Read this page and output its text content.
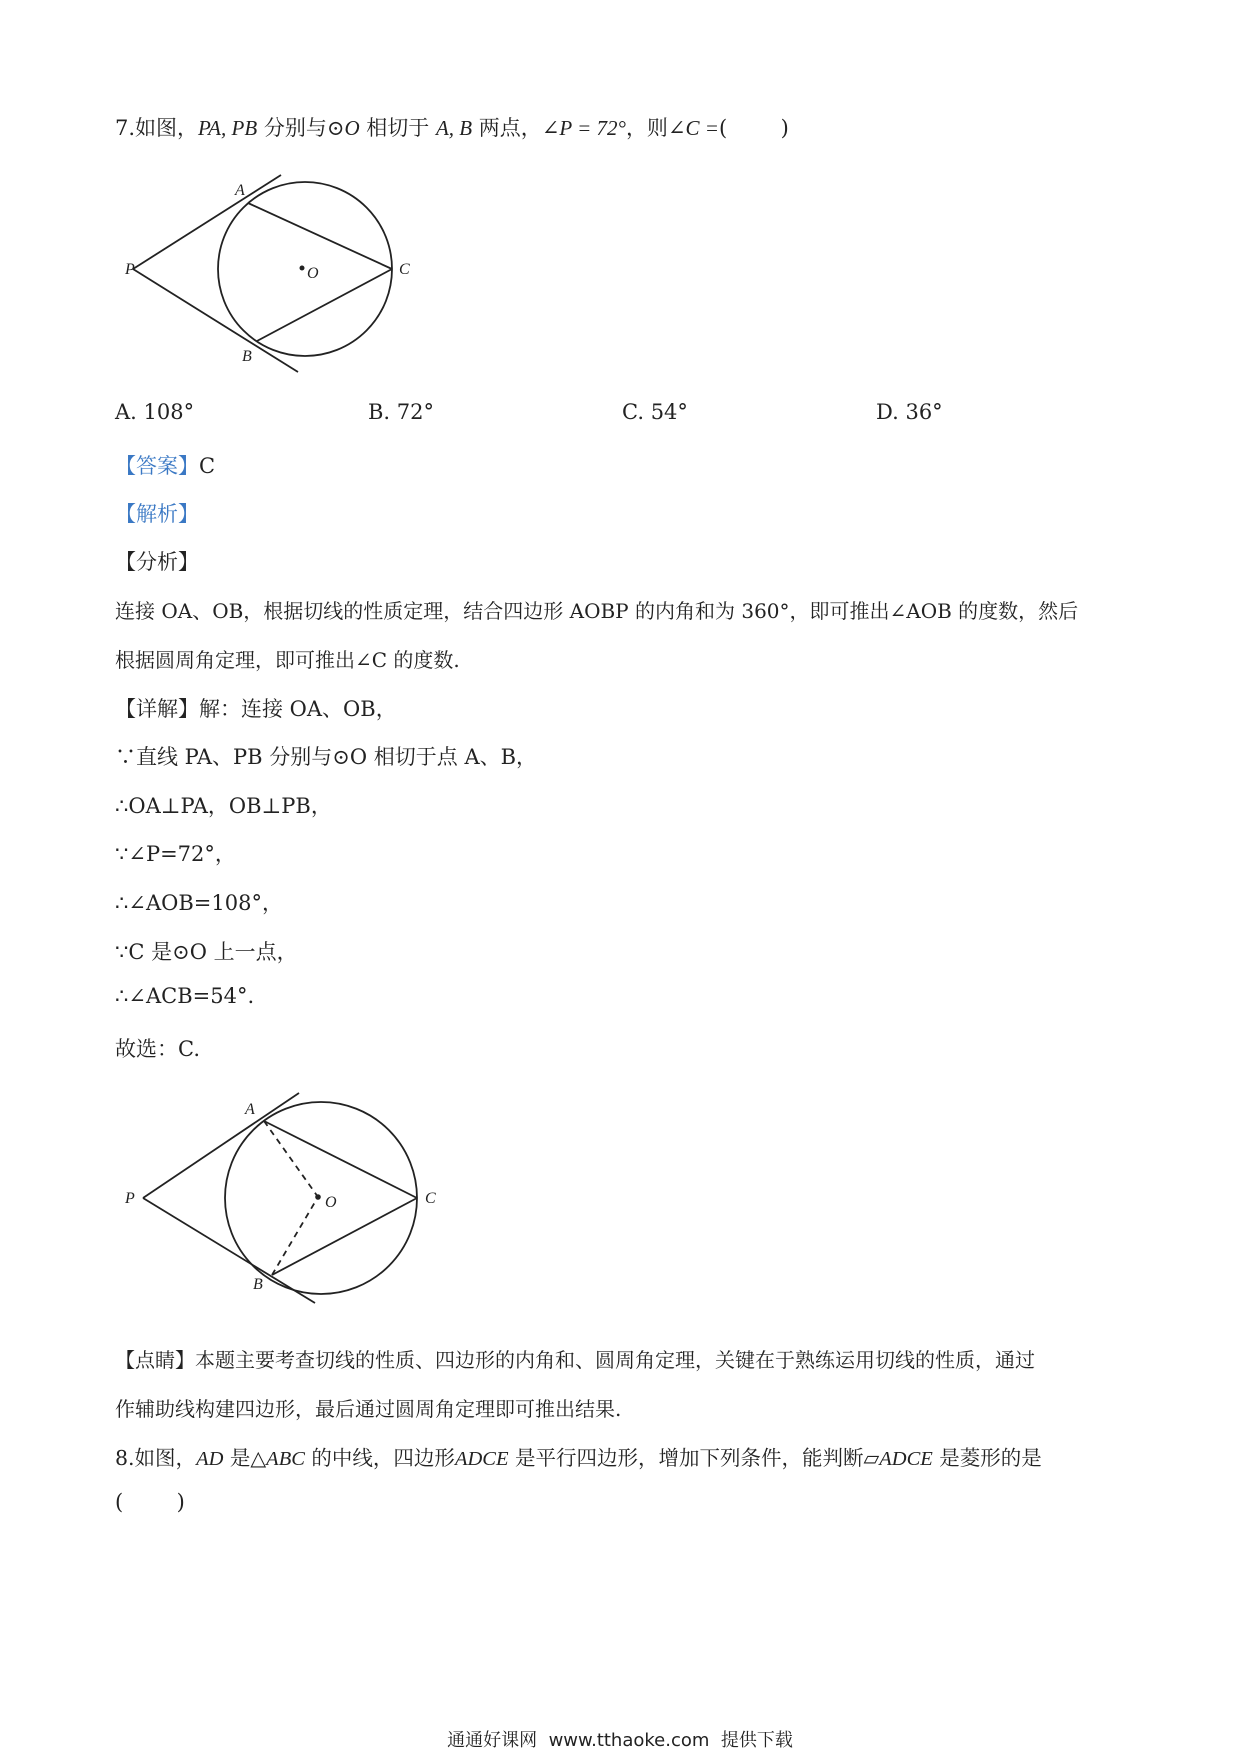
7.如图，PA, PB 分别与⊙O 相切于 A, B 两点，∠P = 72°，则∠C =(        )
A
B
C
O
P
A. 108°	B. 72°	C. 54°	D. 36°
【答案】C
【解析】
【分析】
连接 OA、OB，根据切线的性质定理，结合四边形 AOBP 的内角和为 360°，即可推出∠AOB 的度数，然后
根据圆周角定理，即可推出∠C 的度数.
【详解】解：连接 OA、OB，
∵直线 PA、PB 分别与⊙O 相切于点 A、B，
∴OA⊥PA，OB⊥PB，
∵∠P=72°，
∴∠AOB=108°，
∵C 是⊙O 上一点，
∴∠ACB=54°.
故选：C.
A
B
C
O
P
【点睛】本题主要考查切线的性质、四边形的内角和、圆周角定理，关键在于熟练运用切线的性质，通过
作辅助线构建四边形，最后通过圆周角定理即可推出结果.
8.如图，AD 是△ABC 的中线，四边形ADCE 是平行四边形，增加下列条件，能判断▱ADCE 是菱形的是
(        )
通通好课网  www.tthaoke.com  提供下载
